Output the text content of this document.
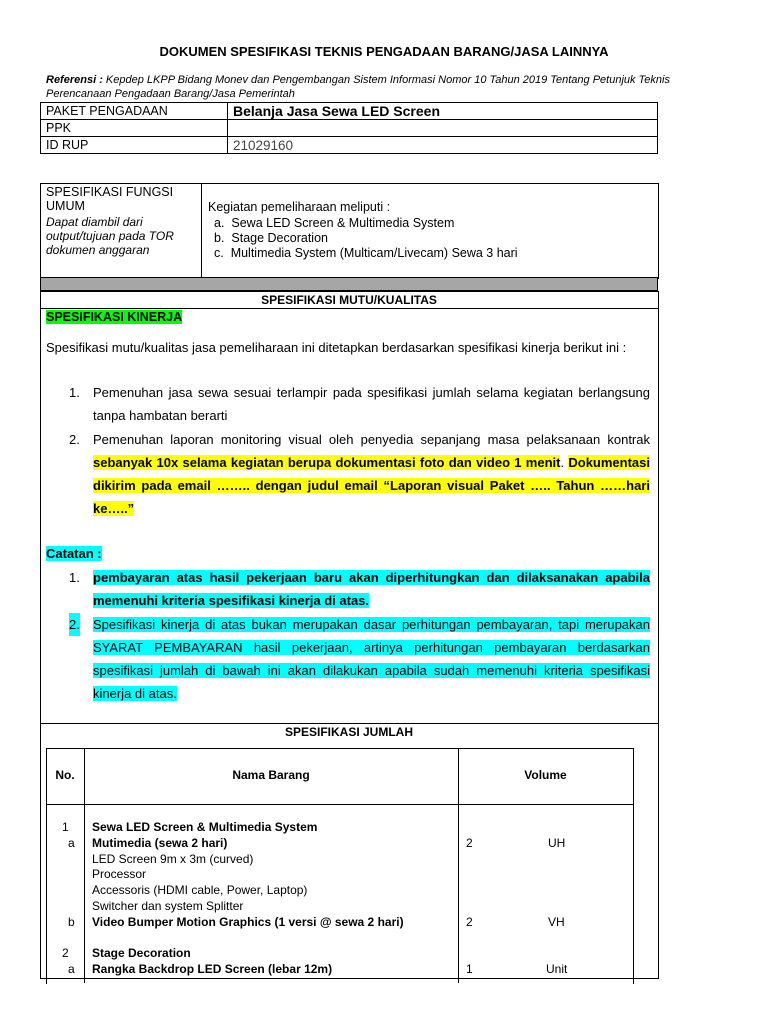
DOKUMEN SPESIFIKASI TEKNIS PENGADAAN BARANG/JASA LAINNYA
Referensi : Kepdep LKPP Bidang Monev dan Pengembangan Sistem Informasi Nomor 10 Tahun 2019 Tentang Petunjuk Teknis Perencanaan Pengadaan Barang/Jasa Pemerintah
PAKET PENGADAAN	Belanja Jasa Sewa LED Screen
PPK	
ID RUP	21029160
SPESIFIKASI FUNGSI UMUM
Dapat diambil dari output/tujuan pada TOR dokumen anggaran
Kegiatan pemeliharaan meliputi :
a. Sewa LED Screen & Multimedia System
b. Stage Decoration
c. Multimedia System (Multicam/Livecam) Sewa 3 hari
SPESIFIKASI MUTU/KUALITAS
SPESIFIKASI KINERJA
Spesifikasi mutu/kualitas jasa pemeliharaan ini ditetapkan berdasarkan spesifikasi kinerja berikut ini :
1. Pemenuhan jasa sewa sesuai terlampir pada spesifikasi jumlah selama kegiatan berlangsung tanpa hambatan berarti
2. Pemenuhan laporan monitoring visual oleh penyedia sepanjang masa pelaksanaan kontrak sebanyak 10x selama kegiatan berupa dokumentasi foto dan video 1 menit. Dokumentasi dikirim pada email …….. dengan judul email “Laporan visual Paket ….. Tahun ……hari ke…..”
Catatan :
1. pembayaran atas hasil pekerjaan baru akan diperhitungkan dan dilaksanakan apabila memenuhi kriteria spesifikasi kinerja di atas.
2. Spesifikasi kinerja di atas bukan merupakan dasar perhitungan pembayaran, tapi merupakan SYARAT PEMBAYARAN hasil pekerjaan, artinya perhitungan pembayaran berdasarkan spesifikasi jumlah di bawah ini akan dilakukan apabila sudah memenuhi kriteria spesifikasi kinerja di atas.
SPESIFIKASI JUMLAH
No.	Nama Barang	Volume
1 Sewa LED Screen & Multimedia System
a Mutimedia (sewa 2 hari)	2	UH
LED Screen 9m x 3m (curved)
Processor
Accessoris (HDMI cable, Power, Laptop)
Switcher dan system Splitter
b Video Bumper Motion Graphics (1 versi @ sewa 2 hari)	2	VH
2 Stage Decoration
a Rangka Backdrop LED Screen (lebar 12m)	1	Unit
